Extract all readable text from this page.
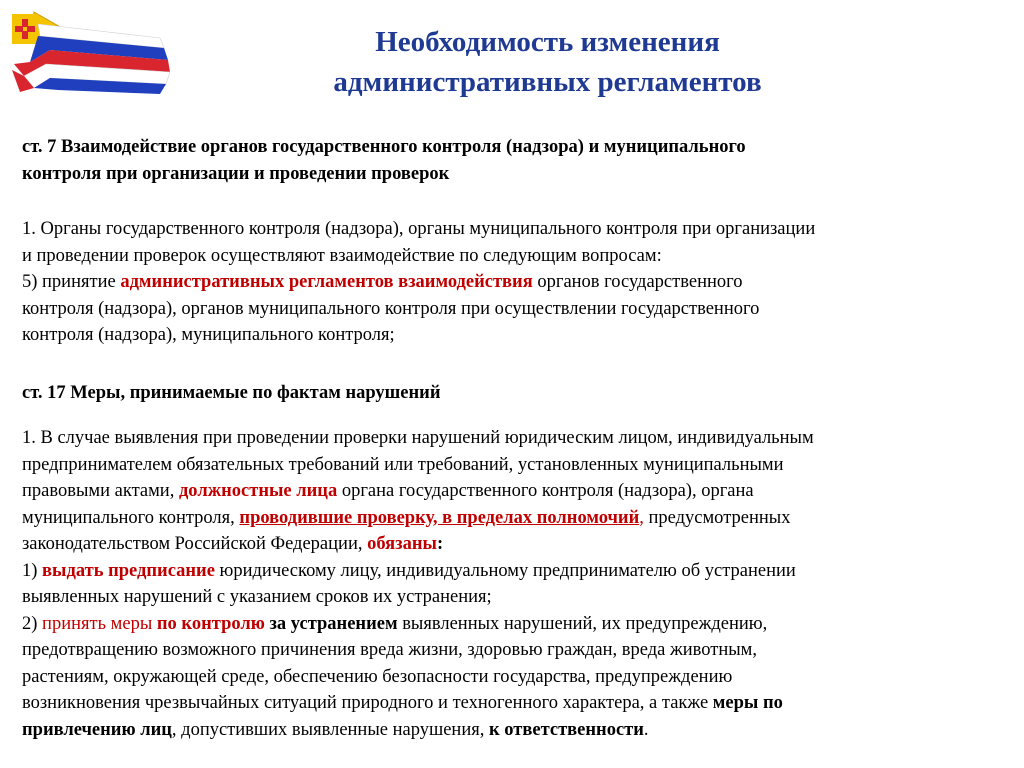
Необходимость изменения
административных регламентов
ст. 7 Взаимодействие органов государственного контроля (надзора) и муниципального
контроля при организации и проведении проверок
1. Органы государственного контроля (надзора), органы муниципального контроля при организации
и проведении проверок осуществляют взаимодействие по следующим вопросам:
5) принятие административных регламентов взаимодействия органов государственного
контроля (надзора), органов муниципального контроля при осуществлении государственного
контроля (надзора), муниципального контроля;
ст. 17 Меры, принимаемые по фактам нарушений
1. В случае выявления при проведении проверки нарушений юридическим лицом, индивидуальным
предпринимателем обязательных требований или требований, установленных муниципальными
правовыми актами, должностные лица органа государственного контроля (надзора), органа
муниципального контроля, проводившие проверку, в пределах полномочий, предусмотренных
законодательством Российской Федерации, обязаны:
1) выдать предписание юридическому лицу, индивидуальному предпринимателю об устранении
выявленных нарушений с указанием сроков их устранения;
2) принять меры по контролю за устранением выявленных нарушений, их предупреждению,
предотвращению возможного причинения вреда жизни, здоровью граждан, вреда животным,
растениям, окружающей среде, обеспечению безопасности государства, предупреждению
возникновения чрезвычайных ситуаций природного и техногенного характера, а также меры по
привлечению лиц, допустивших выявленные нарушения, к ответственности.
